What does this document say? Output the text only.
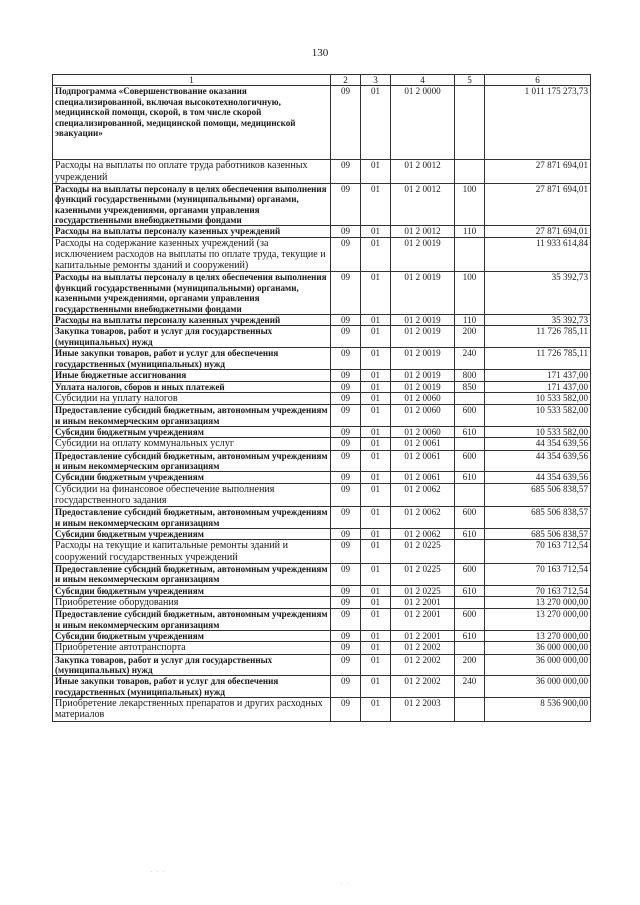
130
1	2	3	4	5	6
Подпрограмма «Совершенствование оказания специализированной, включая высокотехнологичную, медицинской помощи, скорой, в том числе скорой специализированной, медицинской помощи, медицинской эвакуации»	09	01	01 2 0000		1 011 175 273,73
Расходы на выплаты по оплате труда работников казенных учреждений	09	01	01 2 0012		27 871 694,01
Расходы на выплаты персоналу в целях обеспечения выполнения функций государственными (муниципальными) органами, казенными учреждениями, органами управления государственными внебюджетными фондами	09	01	01 2 0012	100	27 871 694,01
Расходы на выплаты персоналу казенных учреждений	09	01	01 2 0012	110	27 871 694,01
Расходы на содержание казенных учреждений (за исключением расходов на выплаты по оплате труда, текущие и капитальные ремонты зданий и сооружений)	09	01	01 2 0019		11 933 614,84
Расходы на выплаты персоналу в целях обеспечения выполнения функций государственными (муниципальными) органами, казенными учреждениями, органами управления государственными внебюджетными фондами	09	01	01 2 0019	100	35 392,73
Расходы на выплаты персоналу казенных учреждений	09	01	01 2 0019	110	35 392,73
Закупка товаров, работ и услуг для государственных (муниципальных) нужд	09	01	01 2 0019	200	11 726 785,11
Иные закупки товаров, работ и услуг для обеспечения государственных (муниципальных) нужд	09	01	01 2 0019	240	11 726 785,11
Иные бюджетные ассигнования	09	01	01 2 0019	800	171 437,00
Уплата налогов, сборов и иных платежей	09	01	01 2 0019	850	171 437,00
Субсидии на уплату налогов	09	01	01 2 0060		10 533 582,00
Предоставление субсидий бюджетным, автономным учреждениям и иным некоммерческим организациям	09	01	01 2 0060	600	10 533 582,00
Субсидии бюджетным учреждениям	09	01	01 2 0060	610	10 533 582,00
Субсидии на оплату коммунальных услуг	09	01	01 2 0061		44 354 639,56
Предоставление субсидий бюджетным, автономным учреждениям и иным некоммерческим организациям	09	01	01 2 0061	600	44 354 639,56
Субсидии бюджетным учреждениям	09	01	01 2 0061	610	44 354 639,56
Субсидии на финансовое обеспечение выполнения государственного задания	09	01	01 2 0062		685 506 838,57
Предоставление субсидий бюджетным, автономным учреждениям и иным некоммерческим организациям	09	01	01 2 0062	600	685 506 838,57
Субсидии бюджетным учреждениям	09	01	01 2 0062	610	685 506 838,57
Расходы на текущие и капитальные ремонты зданий и сооружений государственных учреждений	09	01	01 2 0225		70 163 712,54
Предоставление субсидий бюджетным, автономным учреждениям и иным некоммерческим организациям	09	01	01 2 0225	600	70 163 712,54
Субсидии бюджетным учреждениям	09	01	01 2 0225	610	70 163 712,54
Приобретение оборудования	09	01	01 2 2001		13 270 000,00
Предоставление субсидий бюджетным, автономным учреждениям и иным некоммерческим организациям	09	01	01 2 2001	600	13 270 000,00
Субсидии бюджетным учреждениям	09	01	01 2 2001	610	13 270 000,00
Приобретение автотранспорта	09	01	01 2 2002		36 000 000,00
Закупка товаров, работ и услуг для государственных (муниципальных) нужд	09	01	01 2 2002	200	36 000 000,00
Иные закупки товаров, работ и услуг для обеспечения государственных (муниципальных) нужд	09	01	01 2 2002	240	36 000 000,00
Приобретение лекарственных препаратов и других расходных материалов	09	01	01 2 2003		8 536 900,00
· · ·
· ·
